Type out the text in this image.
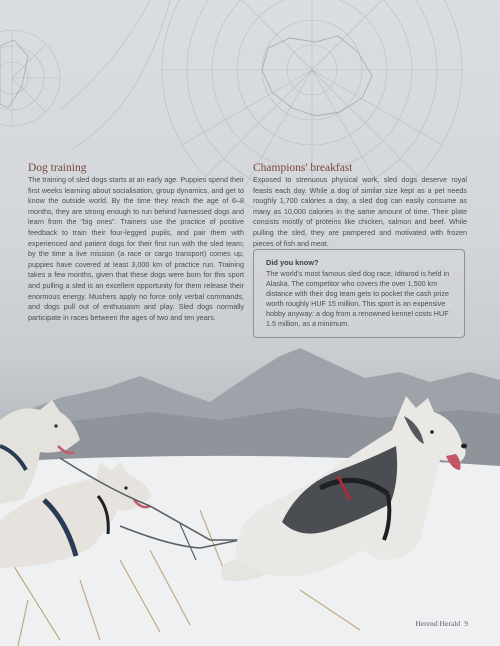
Dog training

The training of sled dogs starts at an early age. Puppies spend their first weeks learning about socialisation, group dynamics, and get to know the outside world. By the time they reach the age of 6–8 months, they are strong enough to run behind harnessed dogs and learn from the “big ones”. Trainers use the practice of positive feedback to train their four-legged pupils, and pair them with experienced and patient dogs for their first run with the sled team; by the time a live mission (a race or cargo transport) comes up, puppies have covered at least 3,000 km of practice run. Training takes a few months, given that these dogs were born for this sport and pulling a sled is an excellent opportunity for them release their enormous energy. Mushers apply no force only verbal commands, and dogs pull out of enthusiasm and play. Sled dogs normally participate in races between the ages of two and ten years.

Champions' breakfast

Exposed to strenuous physical work, sled dogs deserve royal feasts each day. While a dog of similar size kept as a pet needs roughly 1,700 calories a day, a sled dog can easily consume as many as 10,000 calories in the same amount of time. Their plate consists mostly of proteins like chicken, salmon and beef. While pulling the sled, they are pampered and motivated with frozen pieces of fish and meat.

Did you know?

The world's most famous sled dog race, Iditarod is held in Alaska. The competitor who covers the over 1,500 km distance with their dog team gets to pocket the cash prize worth roughly HUF 15 million. This sport is an expensive hobby anyway: a dog from a renowned kennel costs HUF 1.5 million, as a minimum.

Herend Herald 9
